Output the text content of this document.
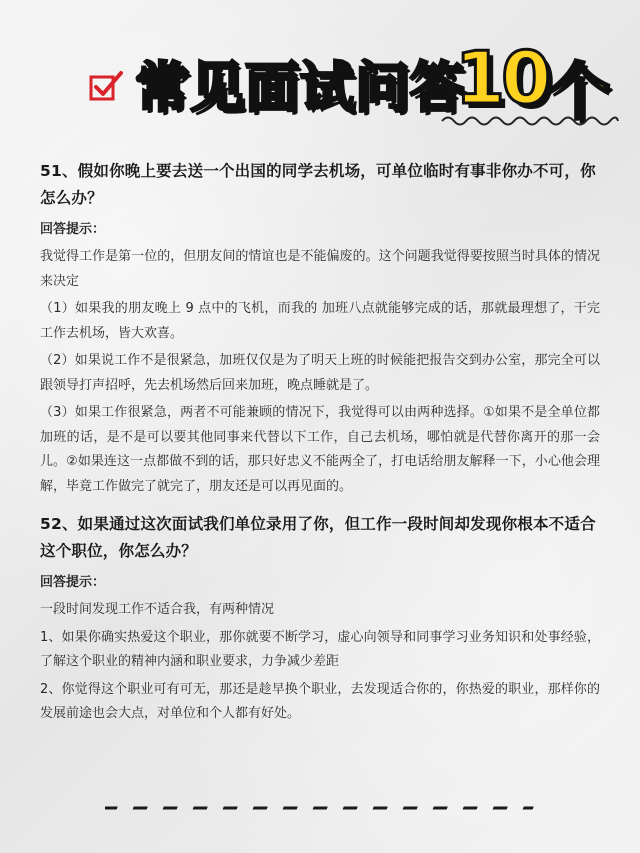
常见面试问答
10 个

51、假如你晚上要去送一个出国的同学去机场，可单位临时有事非你办不可，你怎么办？

回答提示：

我觉得工作是第一位的，但朋友间的情谊也是不能偏废的。这个问题我觉得要按照当时具体的情况来决定

（1）如果我的朋友晚上 9 点中的飞机，而我的 加班八点就能够完成的话，那就最理想了，干完工作去机场，皆大欢喜。

（2）如果说工作不是很紧急，加班仅仅是为了明天上班的时候能把报告交到办公室，那完全可以跟领导打声招呼，先去机场然后回来加班，晚点睡就是了。

（3）如果工作很紧急，两者不可能兼顾的情况下，我觉得可以由两种选择。①如果不是全单位都加班的话，是不是可以要其他同事来代替以下工作，自己去机场，哪怕就是代替你离开的那一会儿。②如果连这一点都做不到的话，那只好忠义不能两全了，打电话给朋友解释一下，小心他会理解，毕竟工作做完了就完了，朋友还是可以再见面的。

52、如果通过这次面试我们单位录用了你，但工作一段时间却发现你根本不适合这个职位，你怎么办？

回答提示：

一段时间发现工作不适合我，有两种情况

1、如果你确实热爱这个职业，那你就要不断学习，虚心向领导和同事学习业务知识和处事经验，了解这个职业的精神内涵和职业要求，力争减少差距

2、你觉得这个职业可有可无，那还是趁早换个职业，去发现适合你的，你热爱的职业，那样你的发展前途也会大点，对单位和个人都有好处。
